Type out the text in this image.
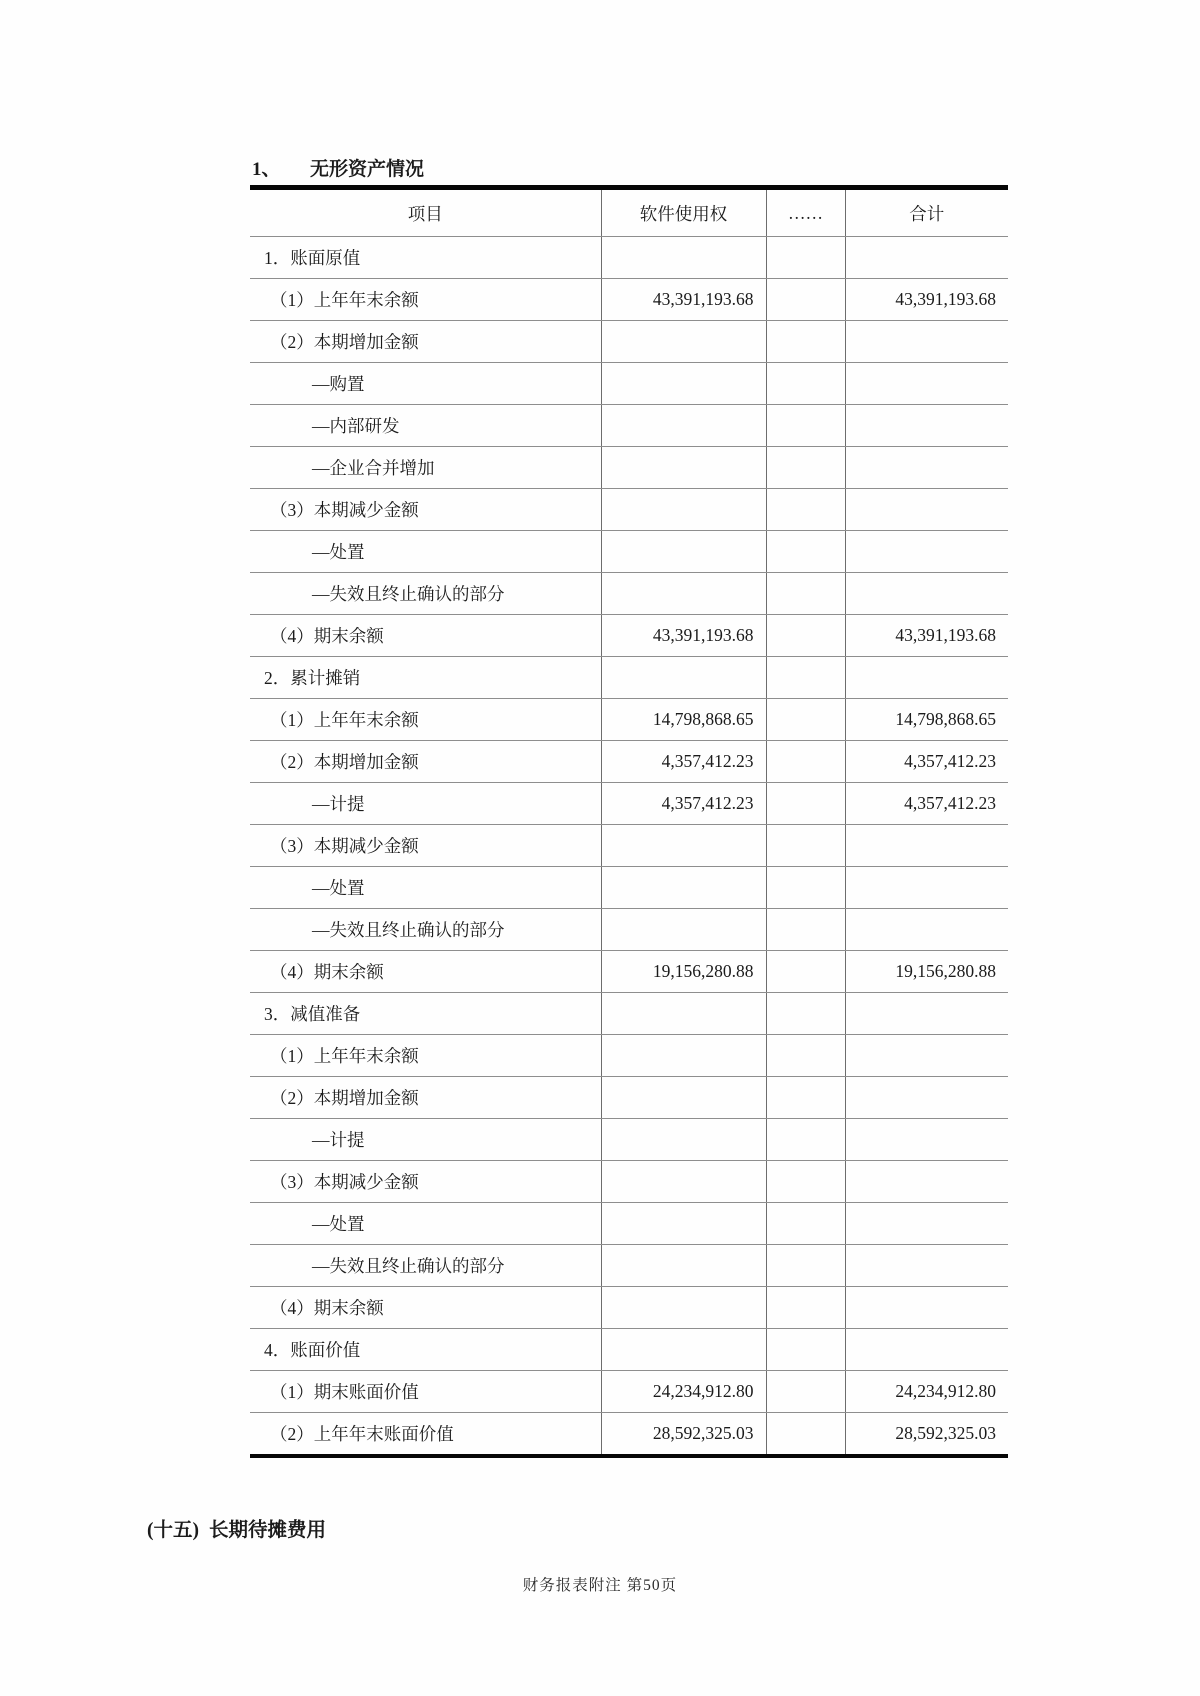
1、 无形资产情况
项目	软件使用权	……	合计
1．账面原值			
（1）上年年末余额	43,391,193.68		43,391,193.68
（2）本期增加金额			
—购置			
—内部研发			
—企业合并增加			
（3）本期减少金额			
—处置			
—失效且终止确认的部分			
（4）期末余额	43,391,193.68		43,391,193.68
2．累计摊销			
（1）上年年末余额	14,798,868.65		14,798,868.65
（2）本期增加金额	4,357,412.23		4,357,412.23
—计提	4,357,412.23		4,357,412.23
（3）本期减少金额			
—处置			
—失效且终止确认的部分			
（4）期末余额	19,156,280.88		19,156,280.88
3．减值准备			
（1）上年年末余额			
（2）本期增加金额			
—计提			
（3）本期减少金额			
—处置			
—失效且终止确认的部分			
（4）期末余额			
4．账面价值			
（1）期末账面价值	24,234,912.80		24,234,912.80
（2）上年年末账面价值	28,592,325.03		28,592,325.03
(十五) 长期待摊费用
财务报表附注 第50页
